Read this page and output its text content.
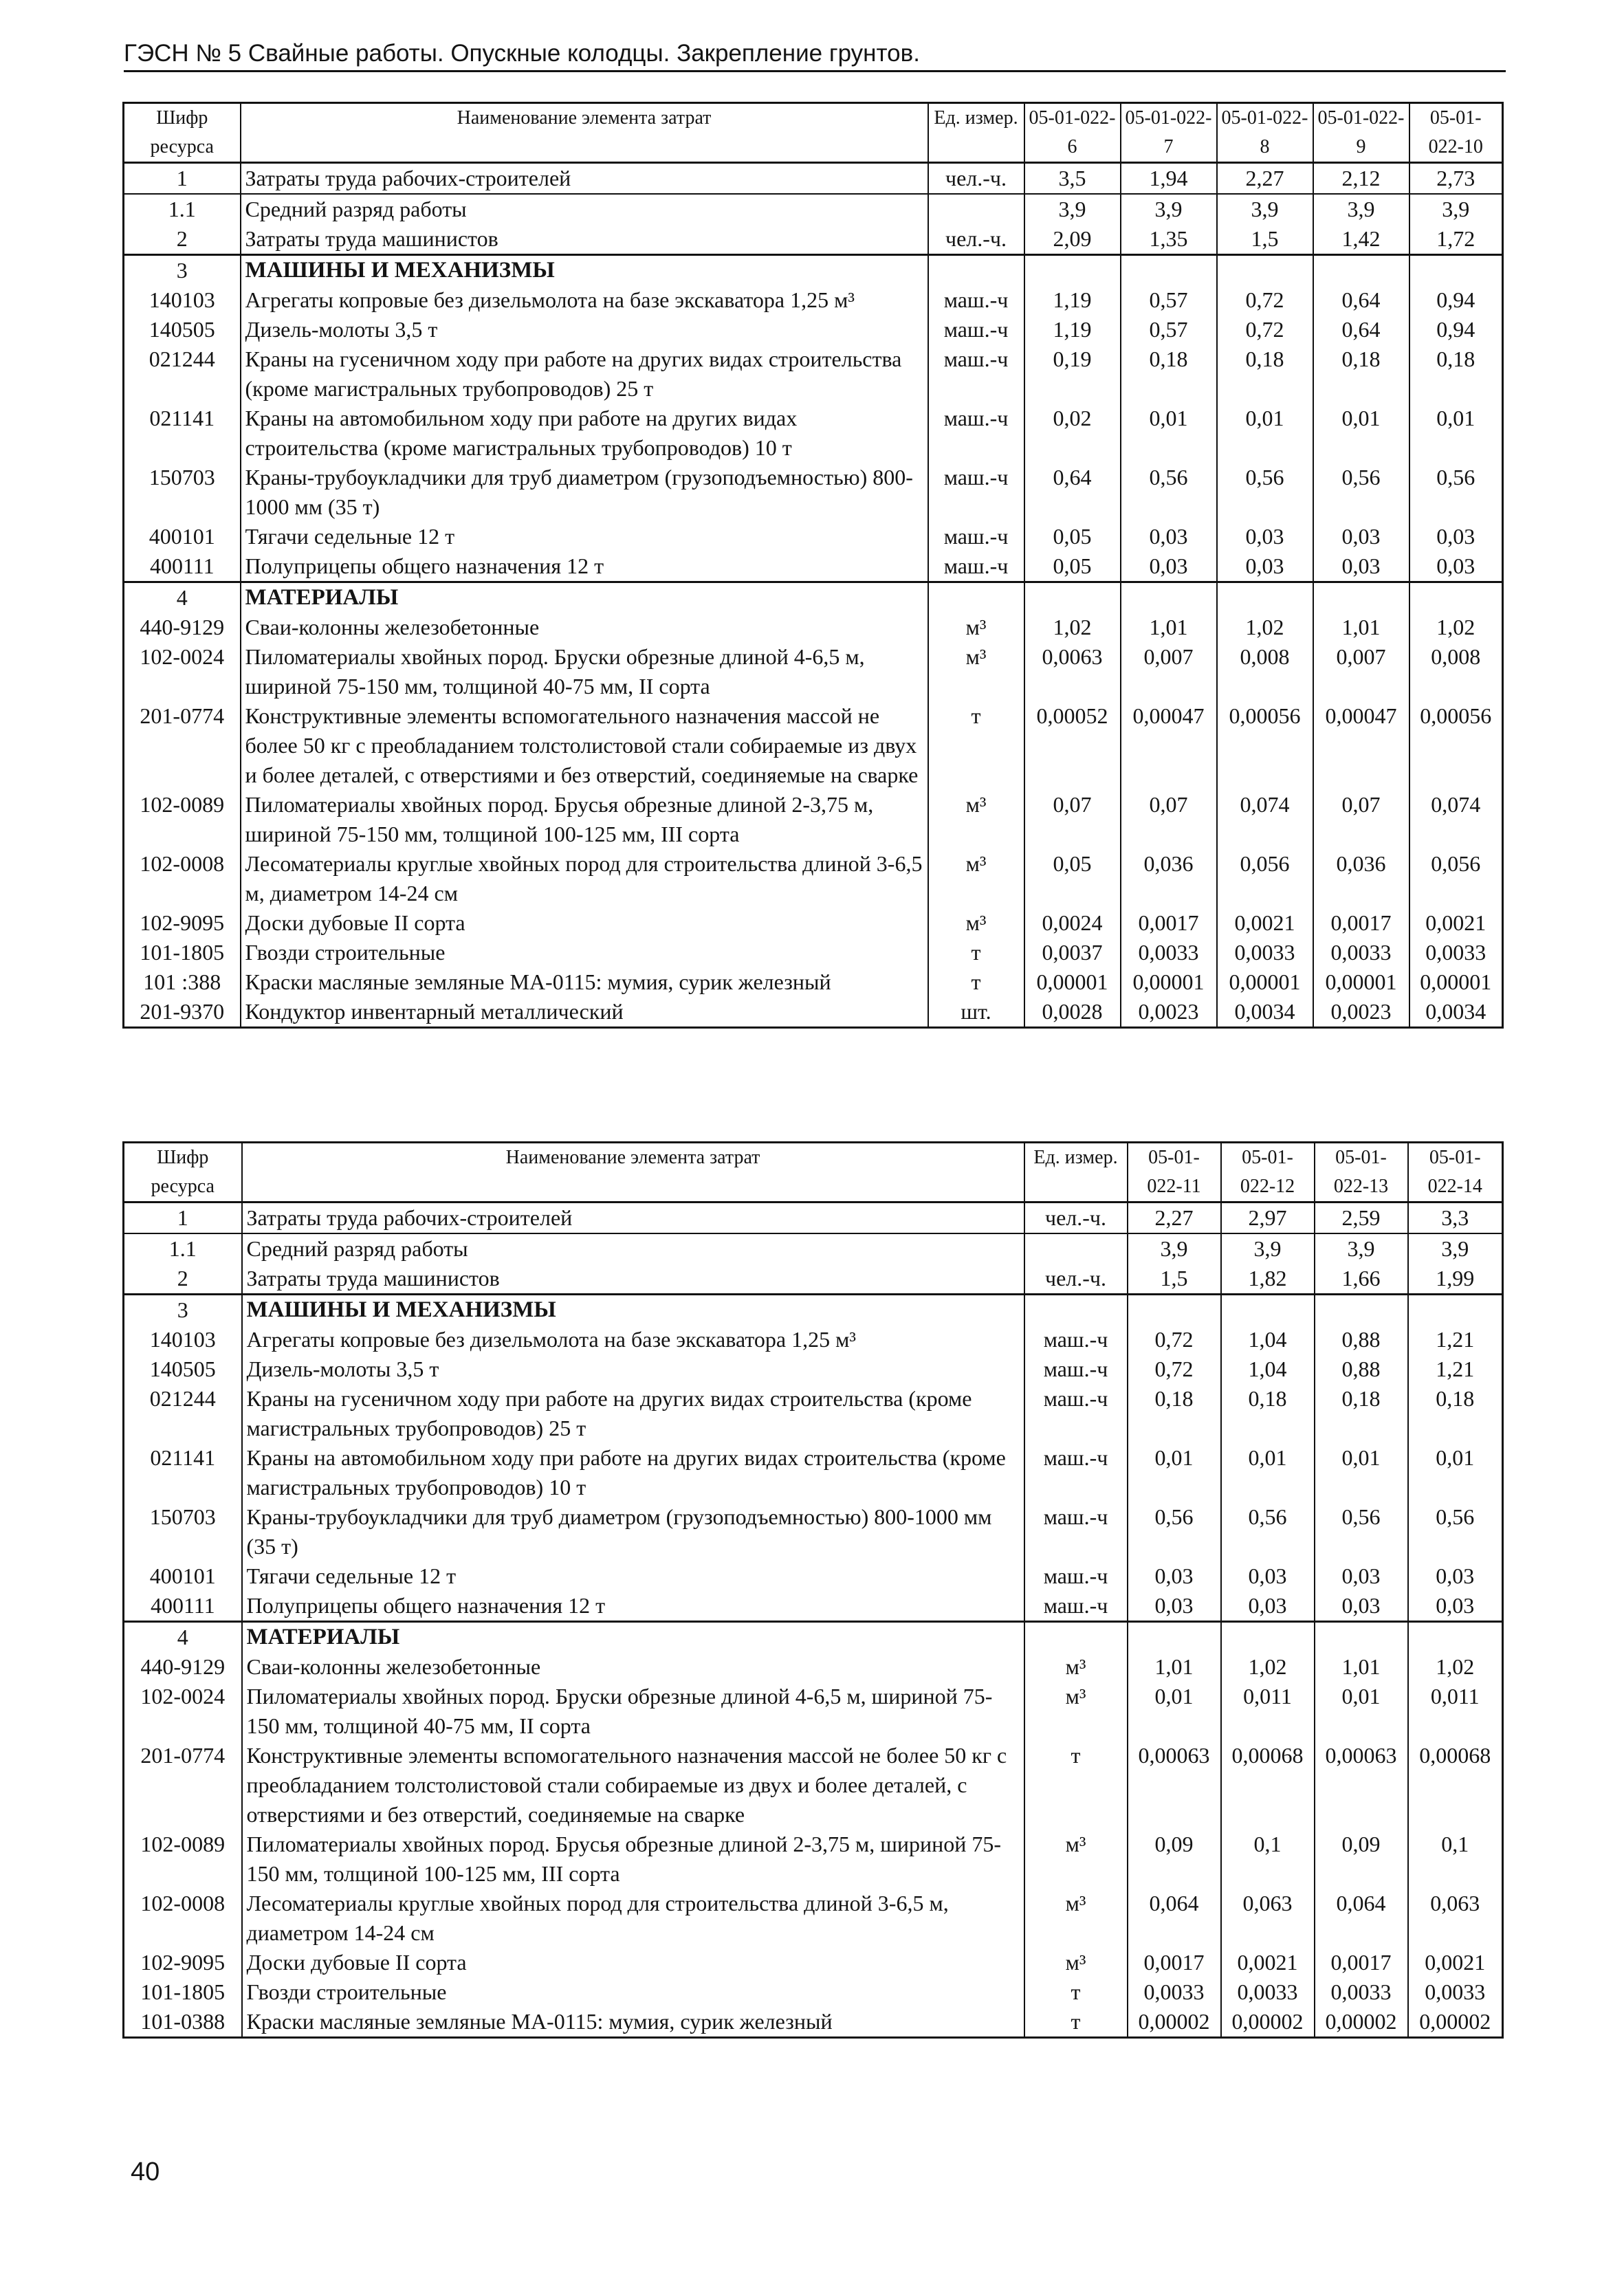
ГЭСН № 5 Свайные работы. Опускные колодцы. Закрепление грунтов.
Шифр ресурса	Наименование элемента затрат	Ед. измер.	05-01-022-6	05-01-022-7	05-01-022-8	05-01-022-9	05-01-022-10
1	Затраты труда рабочих-строителей	чел.-ч.	3,5	1,94	2,27	2,12	2,73
1.1	Средний разряд работы		3,9	3,9	3,9	3,9	3,9
2	Затраты труда машинистов	чел.-ч.	2,09	1,35	1,5	1,42	1,72
3	МАШИНЫ И МЕХАНИЗМЫ						
140103	Агрегаты копровые без дизельмолота на базе экскаватора 1,25 м³	маш.-ч	1,19	0,57	0,72	0,64	0,94
140505	Дизель-молоты 3,5 т	маш.-ч	1,19	0,57	0,72	0,64	0,94
021244	Краны на гусеничном ходу при работе на других видах строительства (кроме магистральных трубопроводов) 25 т	маш.-ч	0,19	0,18	0,18	0,18	0,18
021141	Краны на автомобильном ходу при работе на других видах строительства (кроме магистральных трубопроводов) 10 т	маш.-ч	0,02	0,01	0,01	0,01	0,01
150703	Краны-трубоукладчики для труб диаметром (грузоподъемностью) 800-1000 мм (35 т)	маш.-ч	0,64	0,56	0,56	0,56	0,56
400101	Тягачи седельные 12 т	маш.-ч	0,05	0,03	0,03	0,03	0,03
400111	Полуприцепы общего назначения 12 т	маш.-ч	0,05	0,03	0,03	0,03	0,03
4	МАТЕРИАЛЫ						
440-9129	Сваи-колонны железобетонные	м³	1,02	1,01	1,02	1,01	1,02
102-0024	Пиломатериалы хвойных пород. Бруски обрезные длиной 4-6,5 м, шириной 75-150 мм, толщиной 40-75 мм, II сорта	м³	0,0063	0,007	0,008	0,007	0,008
201-0774	Конструктивные элементы вспомогательного назначения массой не более 50 кг с преобладанием толстолистовой стали собираемые из двух и более деталей, с отверстиями и без отверстий, соединяемые на сварке	т	0,00052	0,00047	0,00056	0,00047	0,00056
102-0089	Пиломатериалы хвойных пород. Брусья обрезные длиной 2-3,75 м, шириной 75-150 мм, толщиной 100-125 мм, III сорта	м³	0,07	0,07	0,074	0,07	0,074
102-0008	Лесоматериалы круглые хвойных пород для строительства длиной 3-6,5 м, диаметром 14-24 см	м³	0,05	0,036	0,056	0,036	0,056
102-9095	Доски дубовые II сорта	м³	0,0024	0,0017	0,0021	0,0017	0,0021
101-1805	Гвозди строительные	т	0,0037	0,0033	0,0033	0,0033	0,0033
101 :388	Краски масляные земляные МА-0115: мумия, сурик железный	т	0,00001	0,00001	0,00001	0,00001	0,00001
201-9370	Кондуктор инвентарный металлический	шт.	0,0028	0,0023	0,0034	0,0023	0,0034
Шифр ресурса	Наименование элемента затрат	Ед. измер.	05-01-022-11	05-01-022-12	05-01-022-13	05-01-022-14
1	Затраты труда рабочих-строителей	чел.-ч.	2,27	2,97	2,59	3,3
1.1	Средний разряд работы		3,9	3,9	3,9	3,9
2	Затраты труда машинистов	чел.-ч.	1,5	1,82	1,66	1,99
3	МАШИНЫ И МЕХАНИЗМЫ					
140103	Агрегаты копровые без дизельмолота на базе экскаватора 1,25 м³	маш.-ч	0,72	1,04	0,88	1,21
140505	Дизель-молоты 3,5 т	маш.-ч	0,72	1,04	0,88	1,21
021244	Краны на гусеничном ходу при работе на других видах строительства (кроме магистральных трубопроводов) 25 т	маш.-ч	0,18	0,18	0,18	0,18
021141	Краны на автомобильном ходу при работе на других видах строительства (кроме магистральных трубопроводов) 10 т	маш.-ч	0,01	0,01	0,01	0,01
150703	Краны-трубоукладчики для труб диаметром (грузоподъемностью) 800-1000 мм (35 т)	маш.-ч	0,56	0,56	0,56	0,56
400101	Тягачи седельные 12 т	маш.-ч	0,03	0,03	0,03	0,03
400111	Полуприцепы общего назначения 12 т	маш.-ч	0,03	0,03	0,03	0,03
4	МАТЕРИАЛЫ					
440-9129	Сваи-колонны железобетонные	м³	1,01	1,02	1,01	1,02
102-0024	Пиломатериалы хвойных пород. Бруски обрезные длиной 4-6,5 м, шириной 75-150 мм, толщиной 40-75 мм, II сорта	м³	0,01	0,011	0,01	0,011
201-0774	Конструктивные элементы вспомогательного назначения массой не более 50 кг с преобладанием толстолистовой стали собираемые из двух и более деталей, с отверстиями и без отверстий, соединяемые на сварке	т	0,00063	0,00068	0,00063	0,00068
102-0089	Пиломатериалы хвойных пород. Брусья обрезные длиной 2-3,75 м, шириной 75-150 мм, толщиной 100-125 мм, III сорта	м³	0,09	0,1	0,09	0,1
102-0008	Лесоматериалы круглые хвойных пород для строительства длиной 3-6,5 м, диаметром 14-24 см	м³	0,064	0,063	0,064	0,063
102-9095	Доски дубовые II сорта	м³	0,0017	0,0021	0,0017	0,0021
101-1805	Гвозди строительные	т	0,0033	0,0033	0,0033	0,0033
101-0388	Краски масляные земляные МА-0115: мумия, сурик железный	т	0,00002	0,00002	0,00002	0,00002
40
